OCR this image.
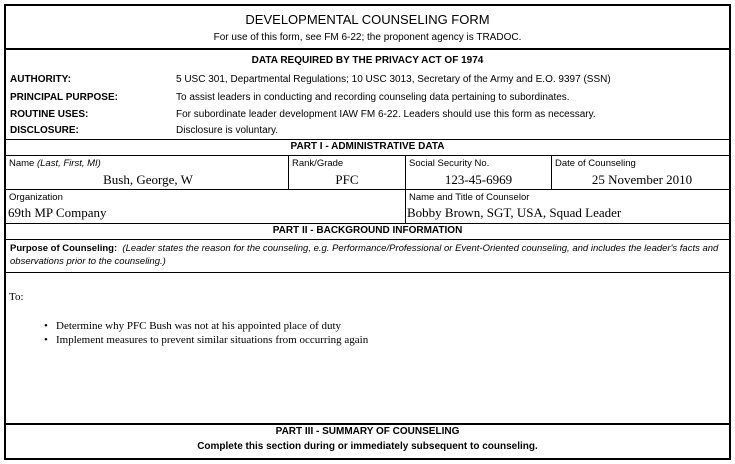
DEVELOPMENTAL COUNSELING FORM
For use of this form, see FM 6-22; the proponent agency is TRADOC.
DATA REQUIRED BY THE PRIVACY ACT OF 1974
AUTHORITY:	5 USC 301, Departmental Regulations; 10 USC 3013, Secretary of the Army and E.O. 9397 (SSN)
PRINCIPAL PURPOSE:	To assist leaders in conducting and recording counseling data pertaining to subordinates.
ROUTINE USES:	For subordinate leader development IAW FM 6-22. Leaders should use this form as necessary.
DISCLOSURE:	Disclosure is voluntary.
PART I - ADMINISTRATIVE DATA
Name (Last, First, MI)
Bush, George, W
Rank/Grade
PFC
Social Security No.
123-45-6969
Date of Counseling
25 November 2010
Organization
69th MP Company
Name and Title of Counselor
Bobby Brown, SGT, USA, Squad Leader
PART II - BACKGROUND INFORMATION
Purpose of Counseling: (Leader states the reason for the counseling, e.g. Performance/Professional or Event-Oriented counseling, and includes the leader's facts and observations prior to the counseling.)
To:
• Determine why PFC Bush was not at his appointed place of duty
• Implement measures to prevent similar situations from occurring again
PART III - SUMMARY OF COUNSELING
Complete this section during or immediately subsequent to counseling.
